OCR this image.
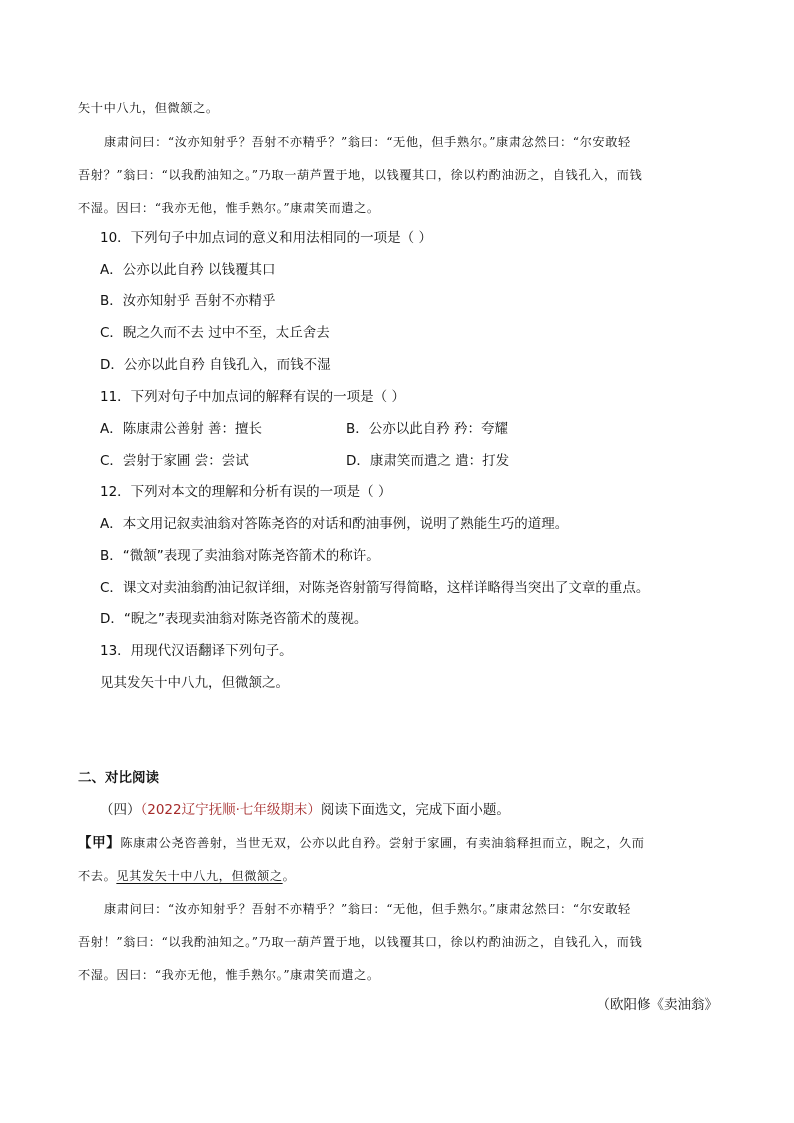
矢十中八九，但微颔之。
康肃问曰：“汝亦知射乎？吾射不亦精乎？”翁曰：“无他，但手熟尔。”康肃忿然曰：“尔安敢轻
吾射？”翁曰：“以我酌油知之。”乃取一葫芦置于地，以钱覆其口，徐以杓酌油沥之，自钱孔入，而钱
不湿。因曰：“我亦无他，惟手熟尔。”康肃笑而遣之。
10．下列句子中加点词的意义和用法相同的一项是（ ）
A．公亦以此自矜 以钱覆其口
B．汝亦知射乎 吾射不亦精乎
C．睨之久而不去 过中不至，太丘舍去
D．公亦以此自矜 自钱孔入，而钱不湿
11．下列对句子中加点词的解释有误的一项是（ ）
A．陈康肃公善射 善：擅长	B．公亦以此自矜 矜：夸耀
C．尝射于家圃 尝：尝试	D．康肃笑而遣之 遣：打发
12．下列对本文的理解和分析有误的一项是（ ）
A．本文用记叙卖油翁对答陈尧咨的对话和酌油事例，说明了熟能生巧的道理。
B．“微颔”表现了卖油翁对陈尧咨箭术的称许。
C．课文对卖油翁酌油记叙详细，对陈尧咨射箭写得简略，这样详略得当突出了文章的重点。
D．“睨之”表现卖油翁对陈尧咨箭术的蔑视。
13．用现代汉语翻译下列句子。
见其发矢十中八九，但微颔之。
二、对比阅读
（四）（2022辽宁抚顺·七年级期末）阅读下面选文，完成下面小题。
【甲】陈康肃公尧咨善射，当世无双，公亦以此自矜。尝射于家圃，有卖油翁释担而立，睨之，久而
不去。见其发矢十中八九，但微颔之。
康肃问曰：“汝亦知射乎？吾射不亦精乎？”翁曰：“无他，但手熟尔。”康肃忿然曰：“尔安敢轻
吾射！”翁曰：“以我酌油知之。”乃取一葫芦置于地，以钱覆其口，徐以杓酌油沥之，自钱孔入，而钱
不湿。因曰：“我亦无他，惟手熟尔。”康肃笑而遣之。
（欧阳修《卖油翁》
